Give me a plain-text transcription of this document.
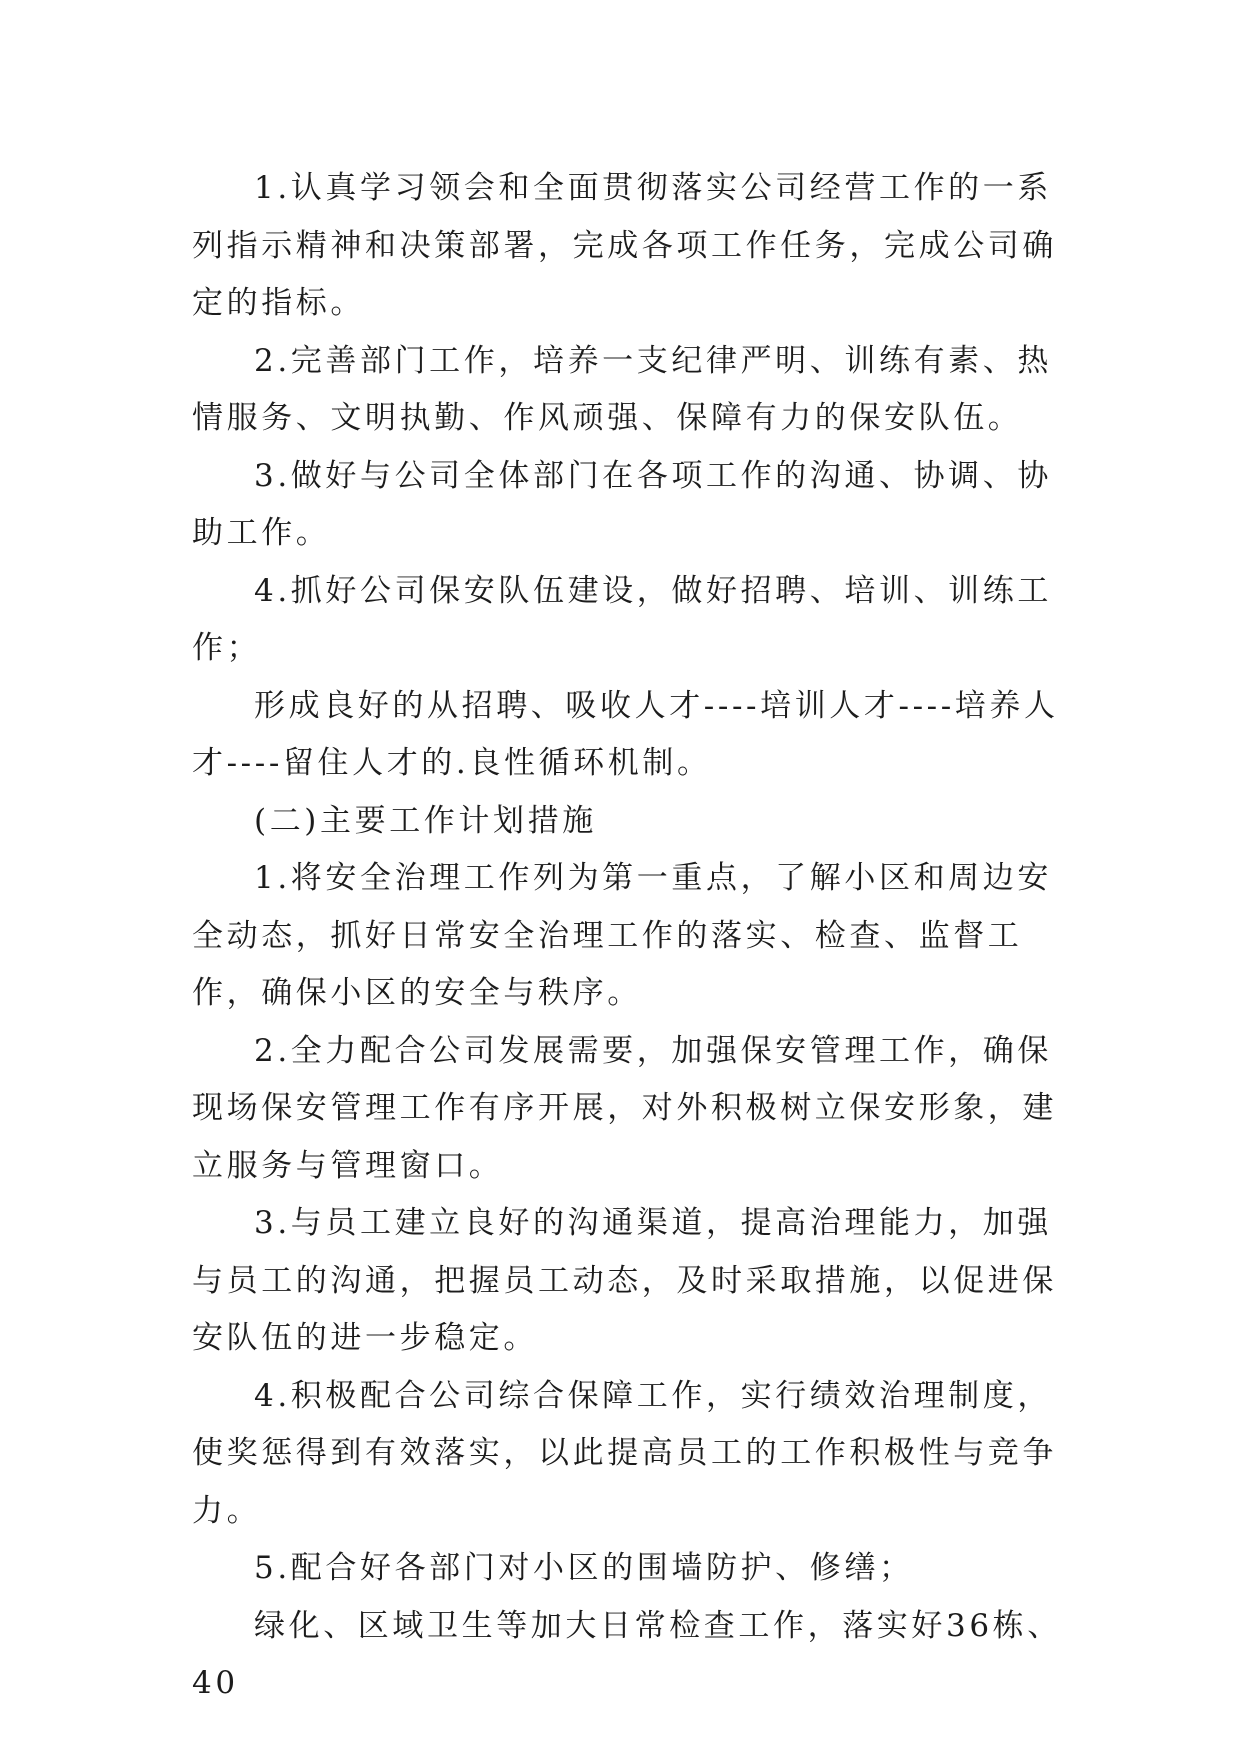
1.认真学习领会和全面贯彻落实公司经营工作的一系列指示精神和决策部署，完成各项工作任务，完成公司确定的指标。

2.完善部门工作，培养一支纪律严明、训练有素、热情服务、文明执勤、作风顽强、保障有力的保安队伍。

3.做好与公司全体部门在各项工作的沟通、协调、协助工作。

4.抓好公司保安队伍建设，做好招聘、培训、训练工作；

形成良好的从招聘、吸收人才----培训人才----培养人才----留住人才的.良性循环机制。

(二)主要工作计划措施

1.将安全治理工作列为第一重点，了解小区和周边安全动态，抓好日常安全治理工作的落实、检查、监督工作，确保小区的安全与秩序。

2.全力配合公司发展需要，加强保安管理工作，确保现场保安管理工作有序开展，对外积极树立保安形象，建立服务与管理窗口。

3.与员工建立良好的沟通渠道，提高治理能力，加强与员工的沟通，把握员工动态，及时采取措施，以促进保安队伍的进一步稳定。

4.积极配合公司综合保障工作，实行绩效治理制度，使奖惩得到有效落实，以此提高员工的工作积极性与竞争力。

5.配合好各部门对小区的围墙防护、修缮；

绿化、区域卫生等加大日常检查工作，落实好36栋、40
